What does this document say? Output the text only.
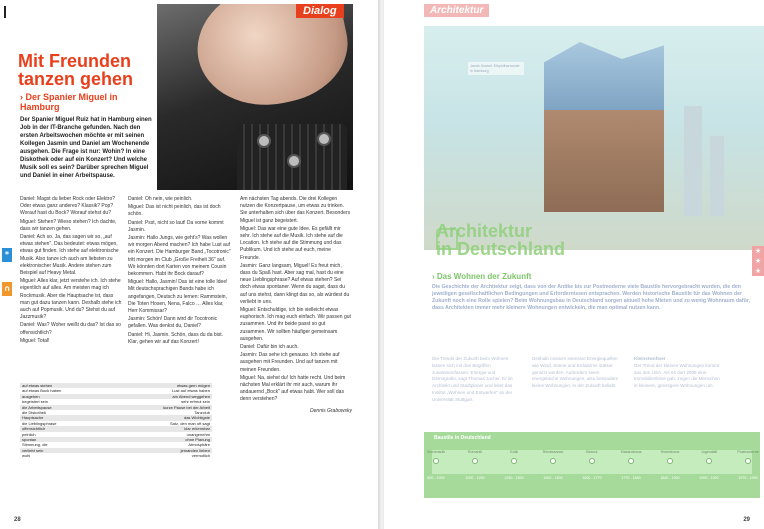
Dialog
Mit Freunden tanzen gehen
› Der Spanier Miguel in Hamburg

Der Spanier Miguel Ruiz hat in Hamburg einen Job in der IT-Branche gefunden. Nach den ersten Arbeitswochen möchte er mit seinen Kollegen Jasmin und Daniel am Wochenende ausgehen. Die Frage ist nur: Wohin? In eine Diskothek oder auf ein Konzert? Und welche Musik soll es sein? Darüber sprechen Miguel und Daniel in einer Arbeitspause.

Daniel: Magst du lieber Rock oder Elektro? Oder etwas ganz anderes? Klassik? Pop? Worauf hast du Bock? Worauf stehst du?

Miguel: Stehen? Wieso stehen? Ich dachte, dass wir tanzen gehen.

Daniel: Ach so. Ja, das sagen wir so, „auf etwas stehen". Das bedeutet: etwas mögen, etwas gut finden. Ich stehe auf elektronische Musik. Also tanze ich auch am liebsten zu elektronischer Musik. Andere stehen zum Beispiel auf Heavy Metal.

Miguel: Alles klar, jetzt verstehe ich. Ich stehe eigentlich auf alles. Am meisten mag ich Rockmusik. Aber die Hauptsache ist, dass man gut dazu tanzen kann. Deshalb stehe ich auch auf Popmusik. Und du? Stehst du auf Jazzmusik?

Daniel: Was? Woher weißt du das? Ist das so offensichtlich?

Miguel: Total!

Daniel: Oh nein, wie peinlich.

Miguel: Das ist nicht peinlich, das ist doch schön.

Daniel: Psst, nicht so laut! Da vorne kommt Jasmin.

Jasmin: Hallo Jungs, wie geht's? Was wollen wir morgen Abend machen? Ich habe Lust auf ein Konzert. Die Hamburger Band „Tocotronic" tritt morgen im Club „Große Freiheit 36" auf. Wir könnten dort Karten von meinem Cousin bekommen. Habt ihr Bock darauf?

Miguel: Hallo, Jasmin! Das ist eine tolle Idee! Mit deutschsprachigen Bands habe ich angefangen, Deutsch zu lernen: Rammstein, Die Toten Hosen, Nena, Falco … Alles klar, Herr Kommissar?

Jasmin: Schön! Dann wird dir Tocotronic gefallen. Was denkst du, Daniel?

Daniel: Hi, Jasmin. Schön, dass du da bist. Klar, gehen wir auf das Konzert!

Am nächsten Tag abends. Die drei Kollegen nutzen die Konzertpause, um etwas zu trinken. Sie unterhalten sich über das Konzert. Besonders Miguel ist ganz begeistert.

Miguel: Das war eine gute Idee. Es gefällt mir sehr. Ich stehe auf die Musik. Ich stehe auf die Location. Ich stehe auf die Stimmung und das Publikum. Und ich stehe auf euch, meine Freunde.

Jasmin: Ganz langsam, Miguel! Es freut mich, dass du Spaß hast. Aber sag mal, hast du eine neue Lieblingsphrase? Auf etwas stehen? Sei doch etwas spontaner. Wenn du sagst, dass du auf uns stehst, dann klingt das so, als würdest du verliebt in uns.

Miguel: Entschuldige, ich bin vielleicht etwas euphorisch. Ich mag euch einfach. Wir passen gut zusammen. Und ihr beide passt so gut zusammen. Wir sollten häufiger gemeinsam ausgehen.

Daniel: Dafür bin ich auch.

Jasmin: Das sehe ich genauso. Ich stehe auf ausgehen mit Freunden. Und auf tanzen mit meinen Freunden.

Miguel: Na, siehst du! Ich hatte recht. Und beim nächsten Mal erklärt ihr mir auch, warum ihr andauernd „Bock" auf etwas habt. Wer soll das denn verstehen?

Dennis Grabowsky

auf etwas stehen	etwas gern mögen
auf etwas Bock haben	Lust auf etwas haben
ausgehen	am Abend weggehen
begeistert sein	sehr erfreut sein
die Arbeitspause	kurze Pause bei der Arbeit
die Diskothek	Tanzclub
Hauptsache	das Wichtigste
die Lieblingsphrase	Satz, den man oft sagt
offensichtlich	klar erkennbar
peinlich	unangenehm
spontan	ohne Planung
Stimmung, die	Atmosphäre
verliebt sein	jemanden lieben
wohl	vermutlich
*
∩
28
Architektur
Jacob Gossel: Elbphilharmonie in Hamburg
Architektur
in Deutschland
› Das Wohnen der Zukunft

Die Geschichte der Architektur zeigt, dass von der Antike bis zur Postmoderne viele Baustile hervorgebracht wurden, die den jeweiligen gesellschaftlichen Bedingungen und Erfordernissen entsprachen. Werden historische Baustile für das Wohnen der Zukunft noch eine Rolle spielen? Beim Wohnungsbau in Deutschland sorgen aktuell hohe Mieten und zu wenig Wohnraum dafür, dass Architekten immer mehr kleinere Wohnungen entwickeln, die man optimal nutzen kann.

Die Trends der Zukunft beim Wohnen lassen sich mit drei Begriffen zusammenfassen: Energie und Demografie, sagt Thomas Jocher. Er ist Architekt und Stadtplaner und leitet das Institut „Wohnen und Entwerfen" an der Universität Stuttgart.

Deshalb müssen intensive Energiequellen wie Wind, Sonne und Erdwärme stärker genutzt werden. Außerdem seien energetische Wohnungen, also besonders kleine Wohnungen, in der Zukunft beliebt.

Kleinstwohner
Der Trend der kleinen Wohnungen kommt aus den USA. Als es dort 2008 eine Immobilienkrise gab, zogen die Menschen in kleinere, günstigere Wohnungen um.
Baustile in Deutschland
Vorromanik	Romanik	Gotik	Renaissance	Barock	Klassizismus	Historismus	Jugendstil	Postmoderne
800 - 1000	1000 - 1250	1250 - 1500	1500 - 1600	1600 - 1770	1770 - 1840	1840 - 1900	1900 - 1920	1970 - 1990
29
★
★
★
